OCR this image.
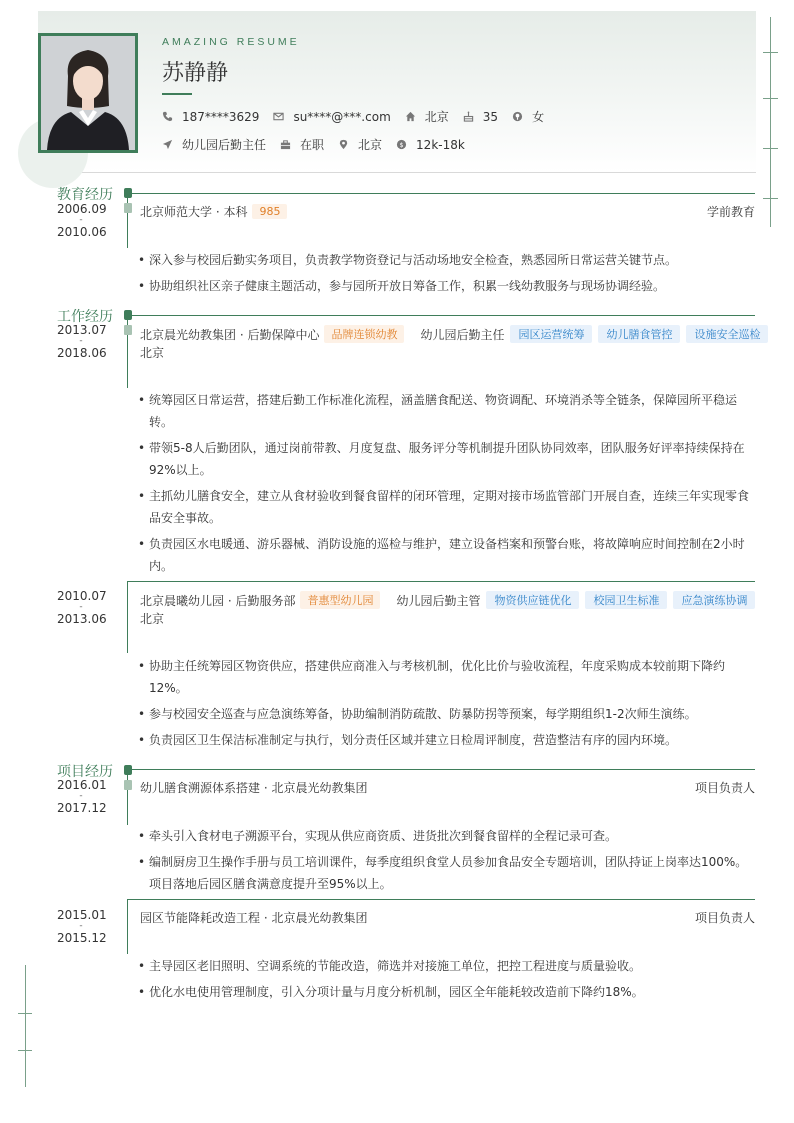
AMAZING RESUME
苏静静
187****3629	su****@***.com	北京	35	女
幼儿园后勤主任	在职	北京 $ 12k-18k
教育经历
2006.09
-
2010.06
北京师范大学 · 本科	985	学前教育
• 深入参与校园后勤实务项目，负责教学物资登记与活动场地安全检查，熟悉园所日常运营关键节点。
• 协助组织社区亲子健康主题活动，参与园所开放日筹备工作，积累一线幼教服务与现场协调经验。
工作经历
2013.07
-
2018.06
北京晨光幼教集团 · 后勤保障中心	品牌连锁幼教	幼儿园后勤主任	园区运营统筹	幼儿膳食管控	设施安全巡检
北京
• 统筹园区日常运营，搭建后勤工作标准化流程，涵盖膳食配送、物资调配、环境消杀等全链条，保障园所平稳运转。
• 带领5-8人后勤团队，通过岗前带教、月度复盘、服务评分等机制提升团队协同效率，团队服务好评率持续保持在92%以上。
• 主抓幼儿膳食安全，建立从食材验收到餐食留样的闭环管理，定期对接市场监管部门开展自查，连续三年实现零食品安全事故。
• 负责园区水电暖通、游乐器械、消防设施的巡检与维护，建立设备档案和预警台账，将故障响应时间控制在2小时内。
2010.07
-
2013.06
北京晨曦幼儿园 · 后勤服务部	普惠型幼儿园	幼儿园后勤主管	物资供应链优化	校园卫生标准	应急演练协调
北京
• 协助主任统筹园区物资供应，搭建供应商准入与考核机制，优化比价与验收流程，年度采购成本较前期下降约12%。
• 参与校园安全巡查与应急演练筹备，协助编制消防疏散、防暴防拐等预案，每学期组织1-2次师生演练。
• 负责园区卫生保洁标准制定与执行，划分责任区域并建立日检周评制度，营造整洁有序的园内环境。
项目经历
2016.01
-
2017.12
幼儿膳食溯源体系搭建 · 北京晨光幼教集团	项目负责人
• 牵头引入食材电子溯源平台，实现从供应商资质、进货批次到餐食留样的全程记录可查。
• 编制厨房卫生操作手册与员工培训课件，每季度组织食堂人员参加食品安全专题培训，团队持证上岗率达100%。项目落地后园区膳食满意度提升至95%以上。
2015.01
-
2015.12
园区节能降耗改造工程 · 北京晨光幼教集团	项目负责人
• 主导园区老旧照明、空调系统的节能改造，筛选并对接施工单位，把控工程进度与质量验收。
• 优化水电使用管理制度，引入分项计量与月度分析机制，园区全年能耗较改造前下降约18%。
